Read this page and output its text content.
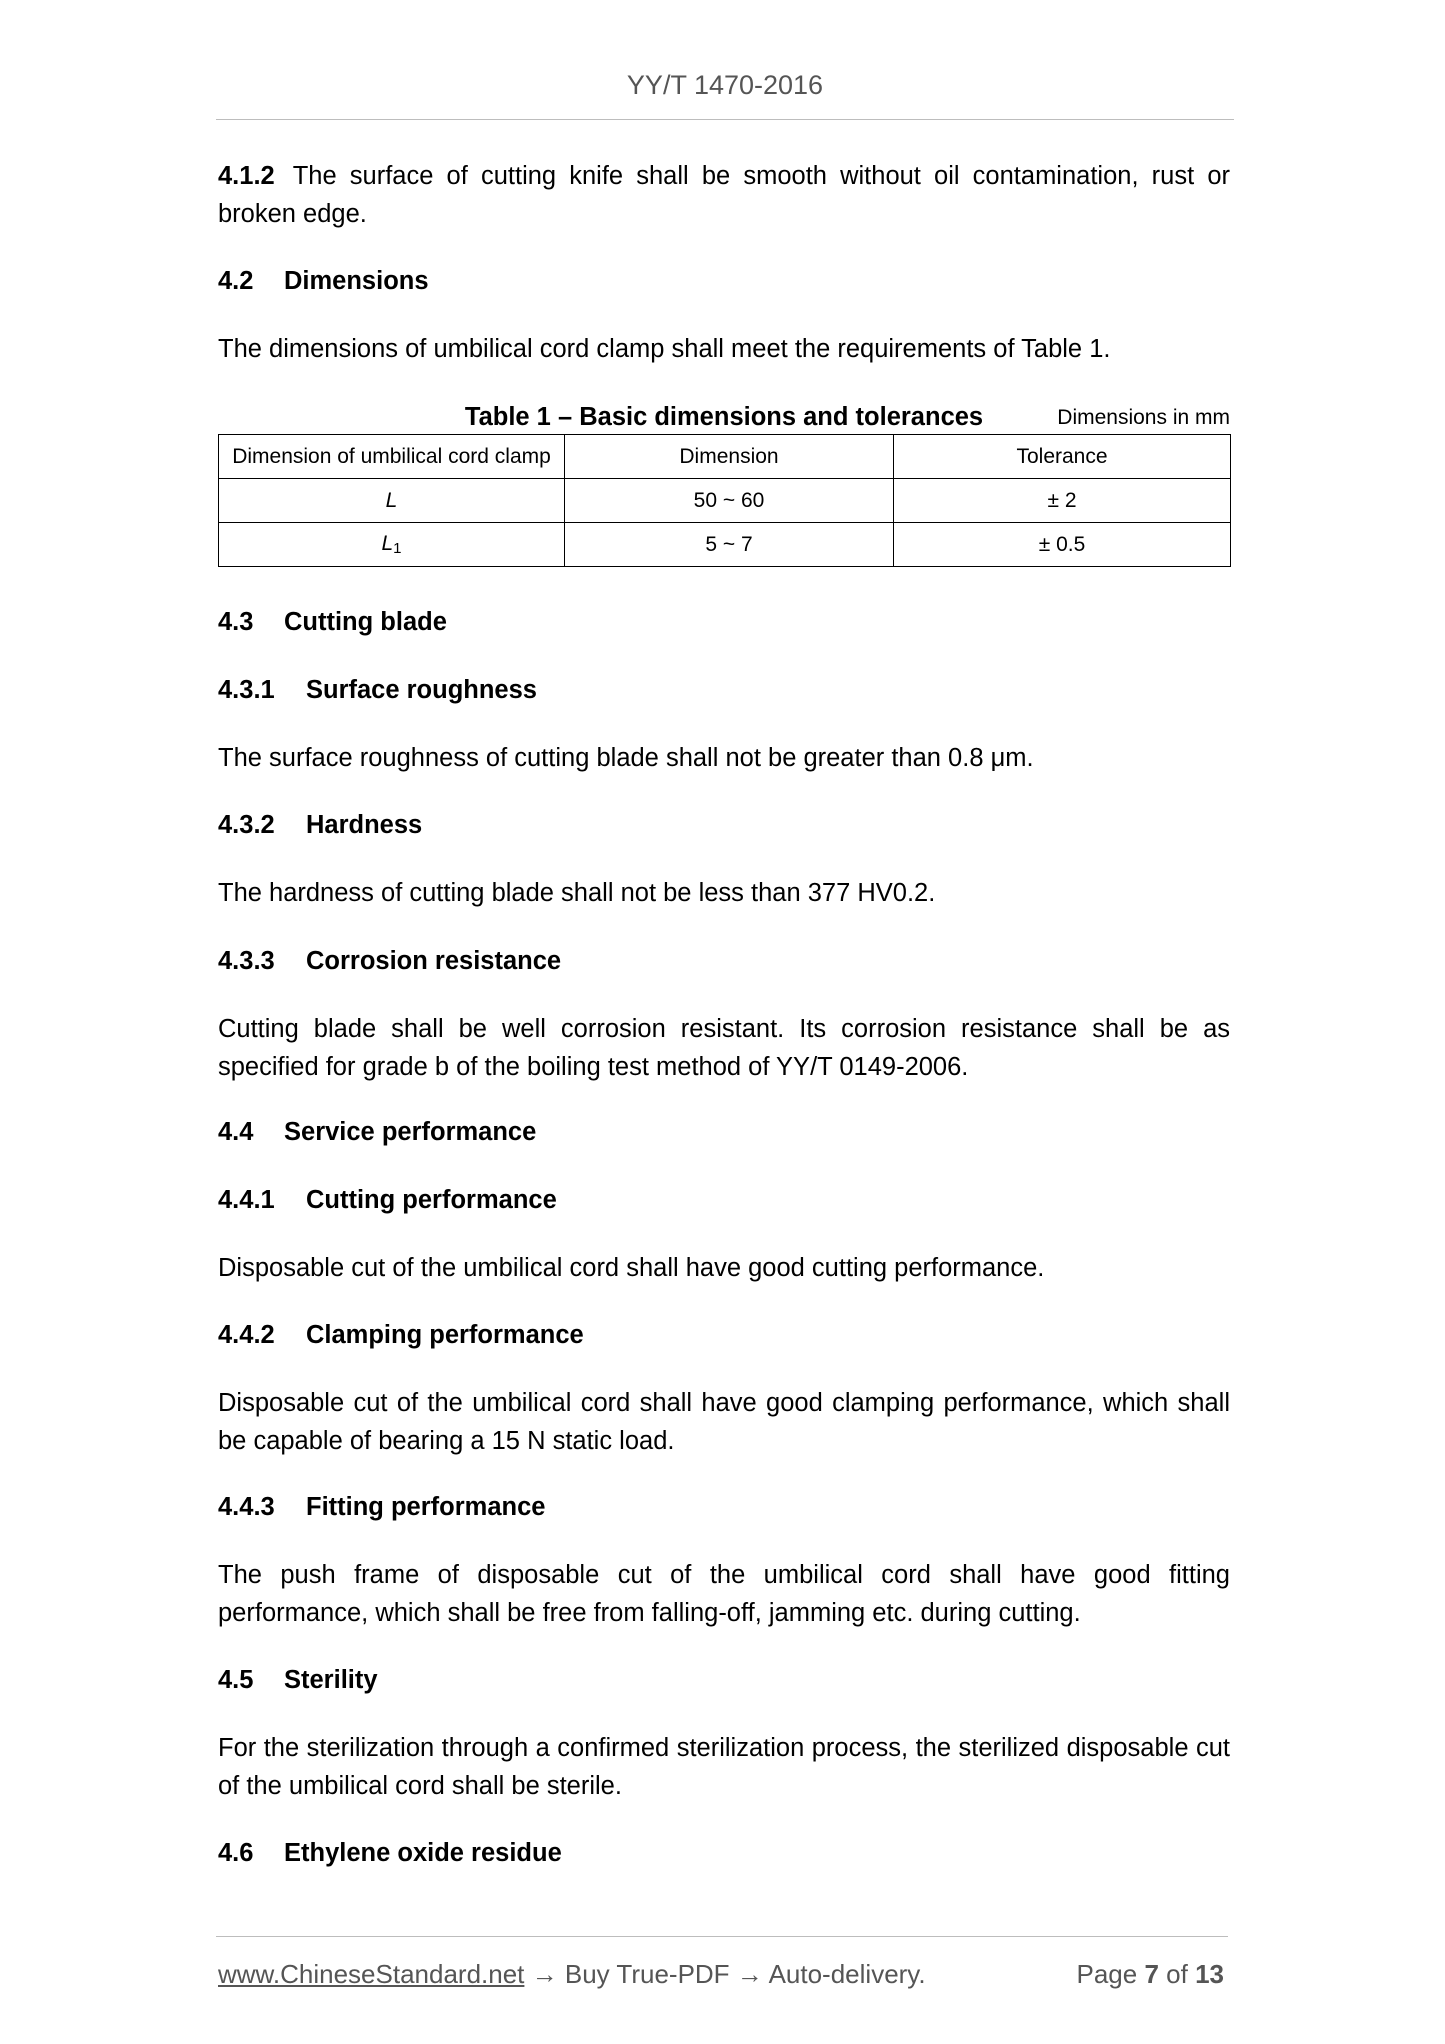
YY/T 1470-2016

4.1.2 The surface of cutting knife shall be smooth without oil contamination, rust or broken edge.

4.2 Dimensions

The dimensions of umbilical cord clamp shall meet the requirements of Table 1.

Table 1 – Basic dimensions and tolerances	Dimensions in mm
Dimension of umbilical cord clamp	Dimension	Tolerance
L	50 ~ 60	± 2
$L_1$	5 ~ 7	± 0.5

4.3 Cutting blade

4.3.1 Surface roughness

The surface roughness of cutting blade shall not be greater than 0.8 μm.

4.3.2 Hardness

The hardness of cutting blade shall not be less than 377 HV0.2.

4.3.3 Corrosion resistance

Cutting blade shall be well corrosion resistant. Its corrosion resistance shall be as specified for grade b of the boiling test method of YY/T 0149-2006.

4.4 Service performance

4.4.1 Cutting performance

Disposable cut of the umbilical cord shall have good cutting performance.

4.4.2 Clamping performance

Disposable cut of the umbilical cord shall have good clamping performance, which shall be capable of bearing a 15 N static load.

4.4.3 Fitting performance

The push frame of disposable cut of the umbilical cord shall have good fitting performance, which shall be free from falling-off, jamming etc. during cutting.

4.5 Sterility

For the sterilization through a confirmed sterilization process, the sterilized disposable cut of the umbilical cord shall be sterile.

4.6 Ethylene oxide residue

www.ChineseStandard.net → Buy True-PDF → Auto-delivery.	Page 7 of 13
